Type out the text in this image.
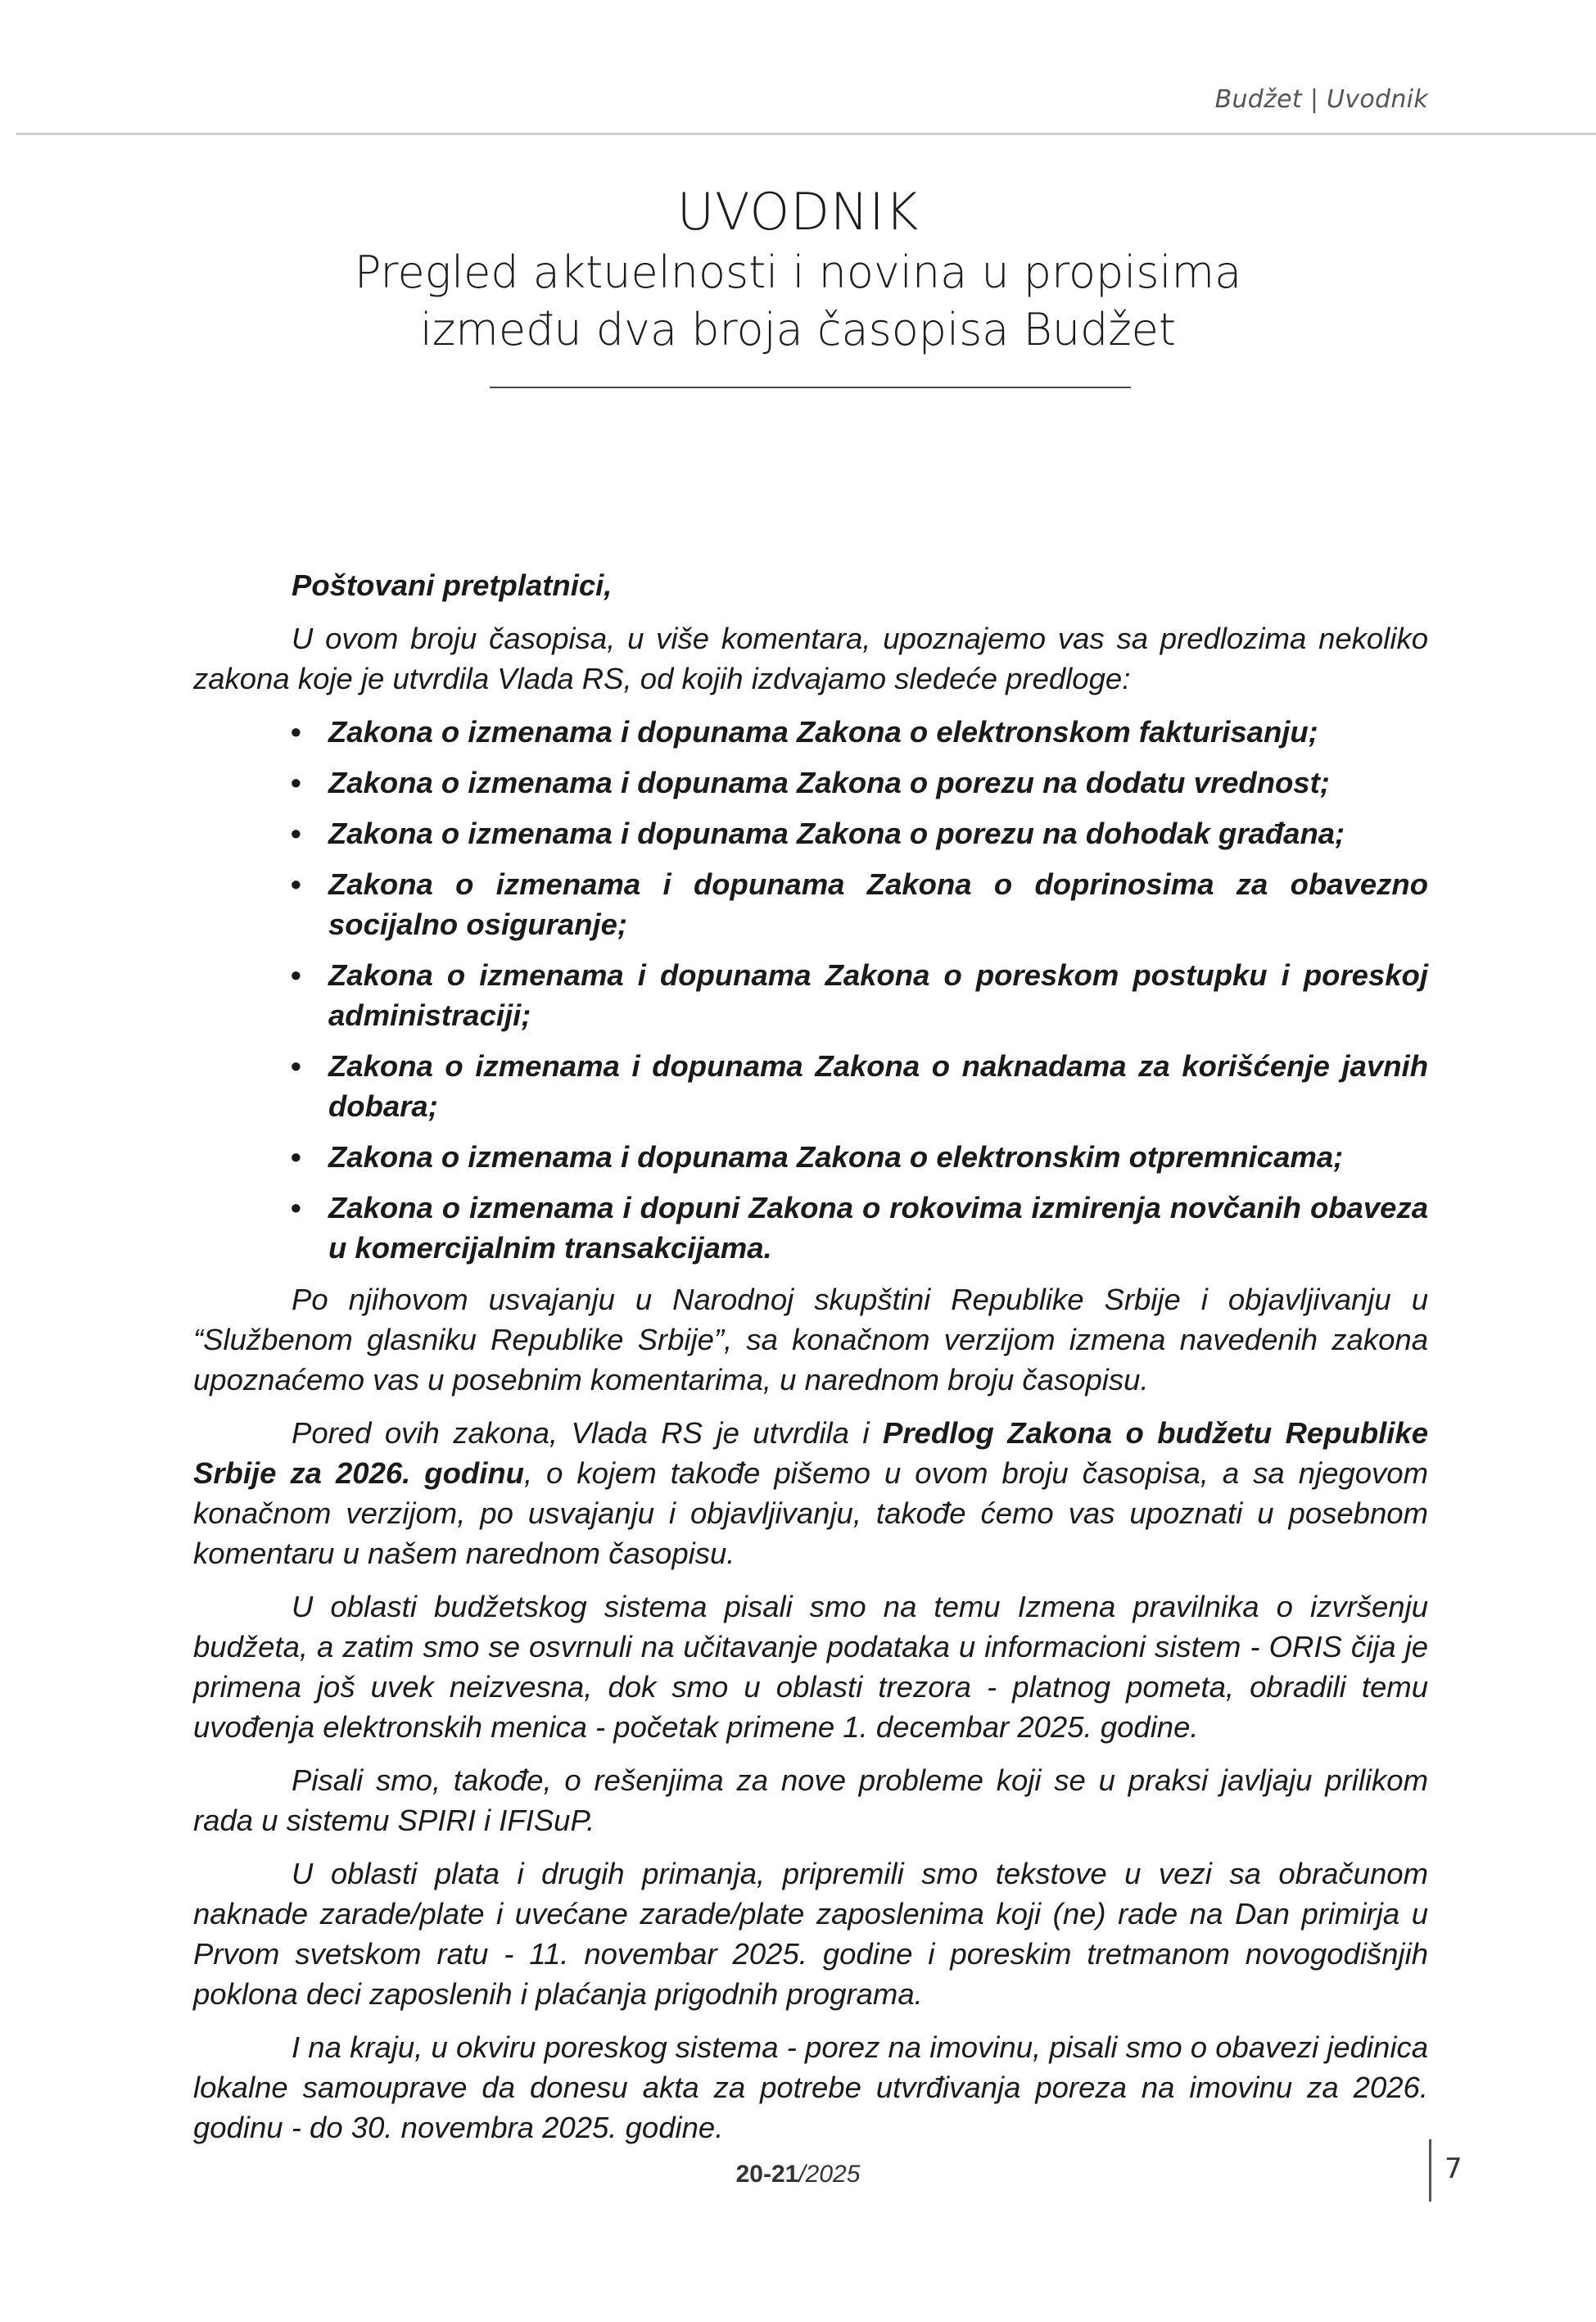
Budžet | Uvodnik
UVODNIK
Pregled aktuelnosti i novina u propisima
između dva broja časopisa Budžet

Poštovani pretplatnici,

U ovom broju časopisa, u više komentara, upoznajemo vas sa predlozima nekoliko zakona koje je utvrdila Vlada RS, od kojih izdvajamo sledeće predloge:

• Zakona o izmenama i dopunama Zakona o elektronskom fakturisanju;
• Zakona o izmenama i dopunama Zakona o porezu na dodatu vrednost;
• Zakona o izmenama i dopunama Zakona o porezu na dohodak građana;
• Zakona o izmenama i dopunama Zakona o doprinosima za obavezno socijalno osiguranje;
• Zakona o izmenama i dopunama Zakona o poreskom postupku i poreskoj administraciji;
• Zakona o izmenama i dopunama Zakona o naknadama za korišćenje javnih dobara;
• Zakona o izmenama i dopunama Zakona o elektronskim otpremnicama;
• Zakona o izmenama i dopuni Zakona o rokovima izmirenja novčanih obaveza u komercijalnim transakcijama.

Po njihovom usvajanju u Narodnoj skupštini Republike Srbije i objavljivanju u “Službenom glasniku Republike Srbije”, sa konačnom verzijom izmena navedenih zakona upoznaćemo vas u posebnim komentarima, u narednom broju časopisu.

Pored ovih zakona, Vlada RS je utvrdila i Predlog Zakona o budžetu Republike Srbije za 2026. godinu, o kojem takođe pišemo u ovom broju časopisa, a sa njegovom konačnom verzijom, po usvajanju i objavljivanju, takođe ćemo vas upoznati u posebnom komentaru u našem narednom časopisu.

U oblasti budžetskog sistema pisali smo na temu Izmena pravilnika o izvršenju budžeta, a zatim smo se osvrnuli na učitavanje podataka u informacioni sistem - ORIS čija je primena još uvek neizvesna, dok smo u oblasti trezora - platnog pometa, obradili temu uvođenja elektronskih menica - početak primene 1. decembar 2025. godine.

Pisali smo, takođe, o rešenjima za nove probleme koji se u praksi javljaju prilikom rada u sistemu SPIRI i IFISuP.

U oblasti plata i drugih primanja, pripremili smo tekstove u vezi sa obračunom naknade zarade/plate i uvećane zarade/plate zaposlenima koji (ne) rade na Dan primirja u Prvom svetskom ratu - 11. novembar 2025. godine i poreskim tretmanom novogodišnjih poklona deci zaposlenih i plaćanja prigodnih programa.

I na kraju, u okviru poreskog sistema - porez na imovinu, pisali smo o obavezi jedinica lokalne samouprave da donesu akta za potrebe utvrđivanja poreza na imovinu za 2026. godinu - do 30. novembra 2025. godine.

20-21/2025	7
